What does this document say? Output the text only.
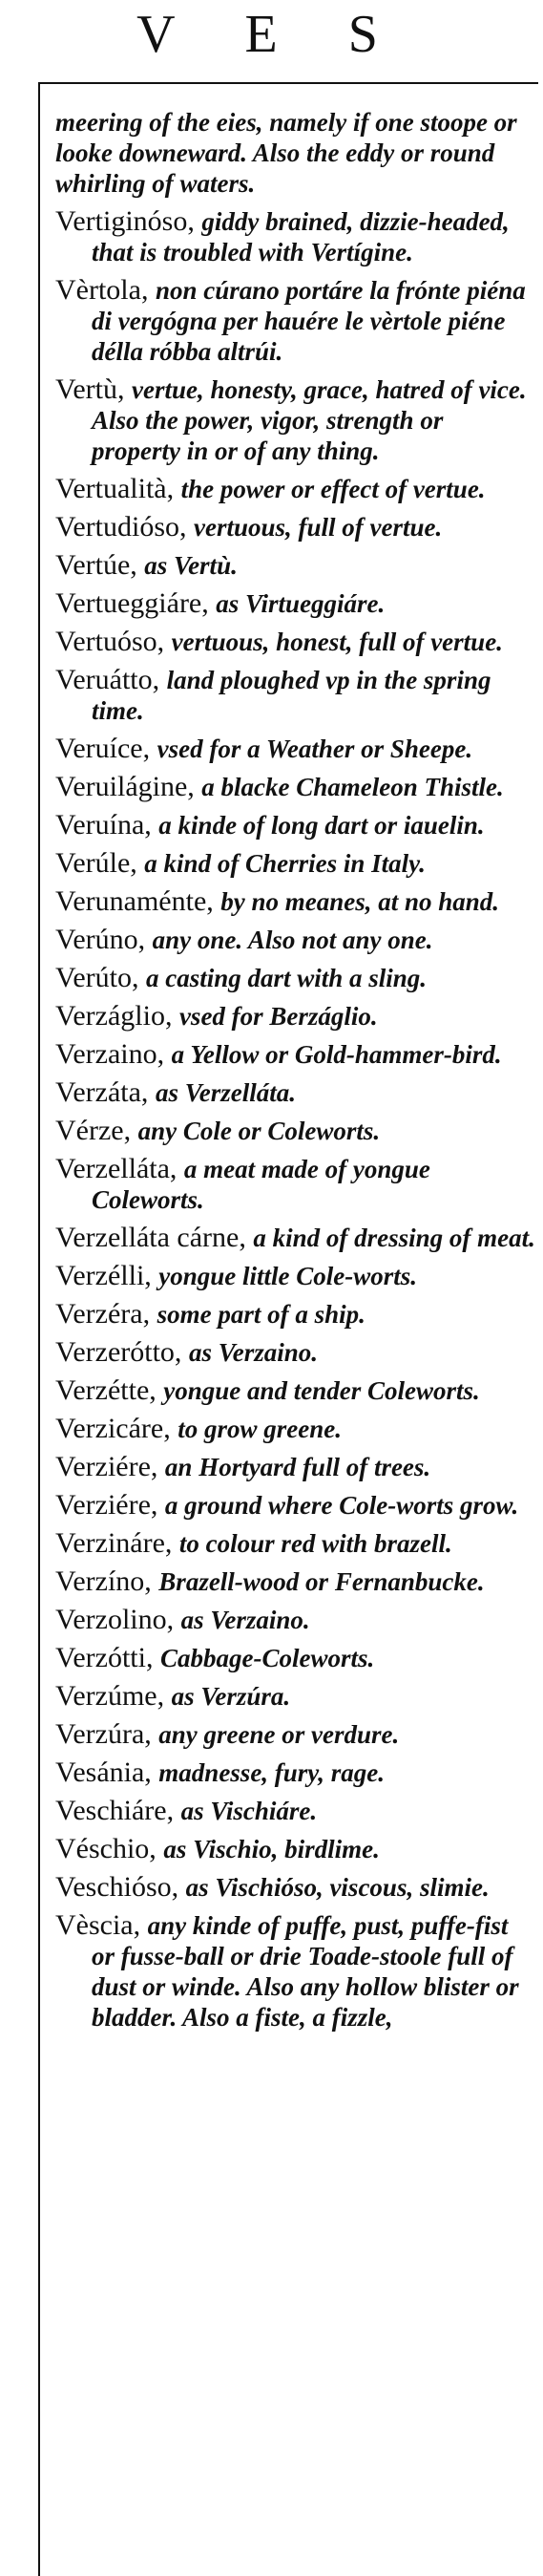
V E S
meering of the eies, namely if one stoope or looke downeward. Also the eddy or round whirling of waters.
Vertiginóso, giddy brained, dizzie-headed, that is troubled with Vertígine.
Vèrtola, non cúrano portáre la frónte piéna di vergógna per hauére le vèrtole piéne délla róbba altrúi.
Vertù, vertue, honesty, grace, hatred of vice. Also the power, vigor, strength or property in or of any thing.
Vertualità, the power or effect of vertue.
Vertudióso, vertuous, full of vertue.
Vertúe, as Vertù.
Vertueggiáre, as Virtueggiáre.
Vertuóso, vertuous, honest, full of vertue.
Veruátto, land ploughed vp in the spring time.
Veruíce, vsed for a Weather or Sheepe.
Veruilágine, a blacke Chameleon Thistle.
Veruína, a kinde of long dart or iauelin.
Verúle, a kind of Cherries in Italy.
Verunaménte, by no meanes, at no hand.
Verúno, any one. Also not any one.
Verúto, a casting dart with a sling.
Verzáglio, vsed for Berzáglio.
Verzaino, a Yellow or Gold-hammer-bird.
Verzáta, as Verzelláta.
Vérze, any Cole or Coleworts.
Verzelláta, a meat made of yongue Coleworts.
Verzelláta cárne, a kind of dressing of meat.
Verzélli, yongue little Cole-worts.
Verzéra, some part of a ship.
Verzerótto, as Verzaino.
Verzétte, yongue and tender Coleworts.
Verzicáre, to grow greene.
Verziére, an Hortyard full of trees.
Verziére, a ground where Cole-worts grow.
Verzináre, to colour red with brazell.
Verzíno, Brazell-wood or Fernanbucke.
Verzolino, as Verzaino.
Verzótti, Cabbage-Coleworts.
Verzúme, as Verzúra.
Verzúra, any greene or verdure.
Vesánia, madnesse, fury, rage.
Veschiáre, as Vischiáre.
Véschio, as Vischio, birdlime.
Veschióso, as Vischióso, viscous, slimie.
Vèscia, any kinde of puffe, pust, puffe-fist or fusse-ball or drie Toade-stoole full of dust or winde. Also any hollow blister or bladder. Also a fiste, a fizzle,
